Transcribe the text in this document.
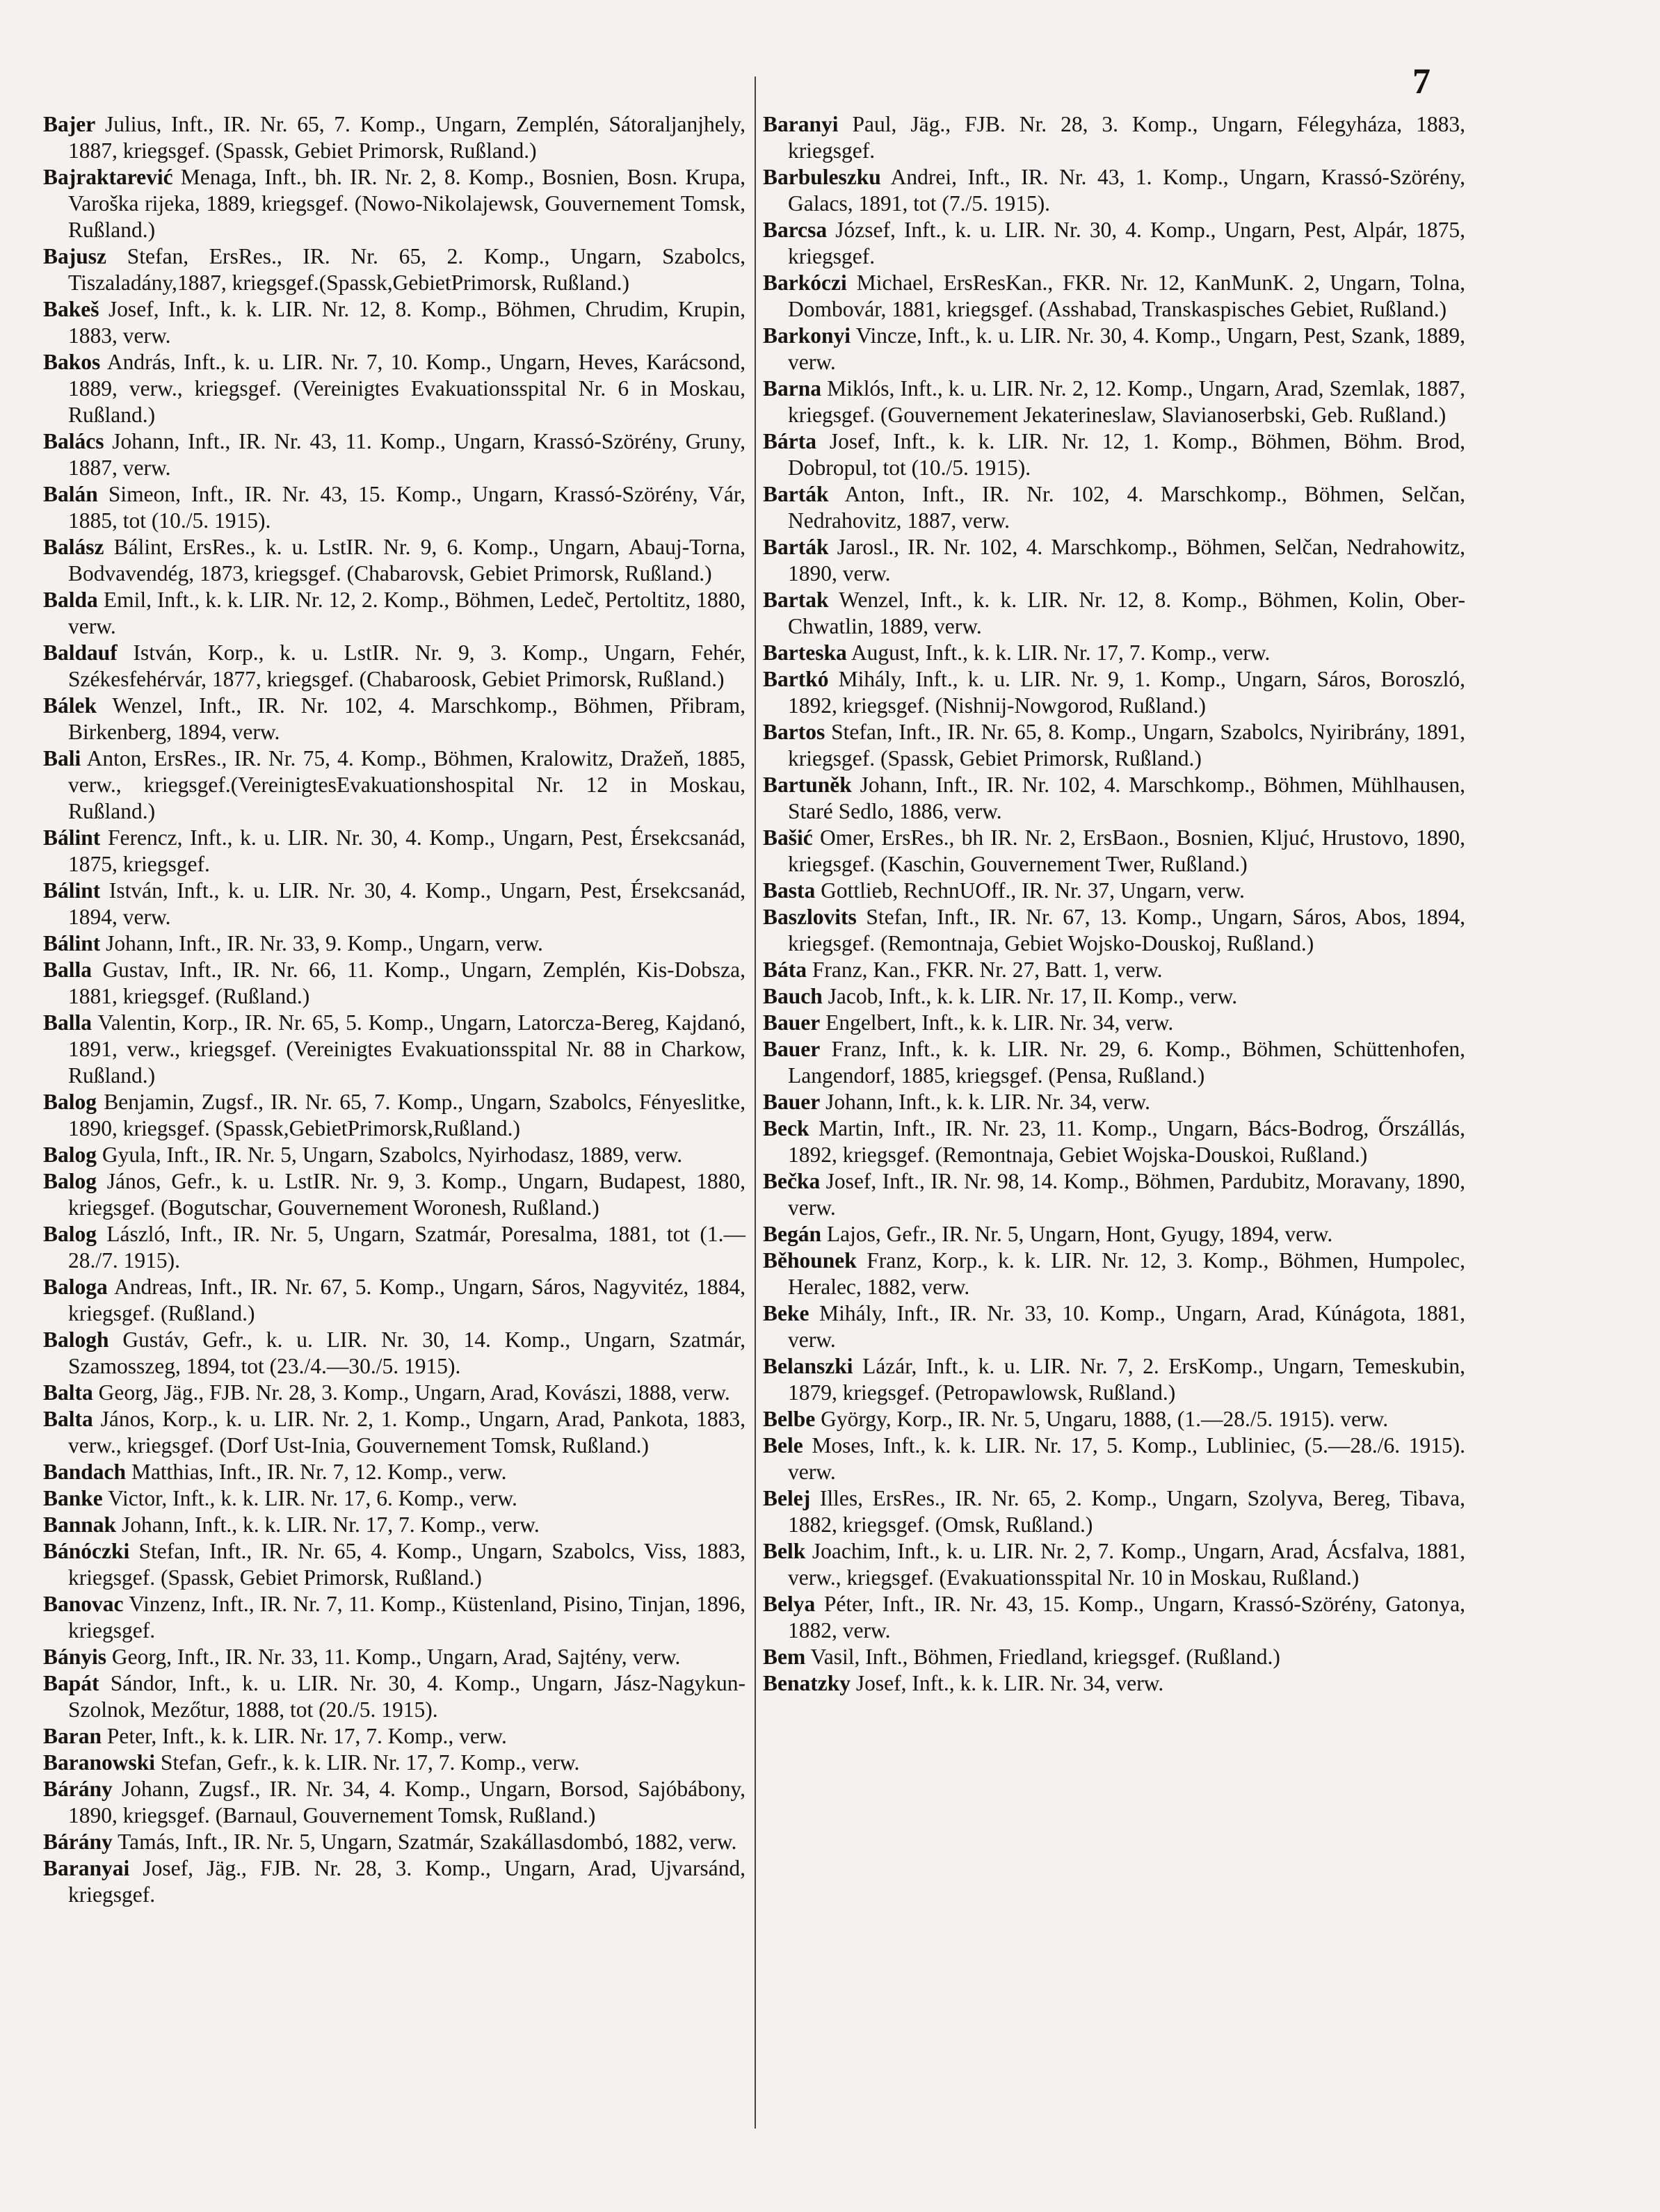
7

Bajer Julius, Inft., IR. Nr. 65, 7. Komp., Ungarn, Zemplén, Sátoraljanjhely, 1887, kriegsgef. (Spassk, Gebiet Primorsk, Rußland.)

Bajraktarević Menaga, Inft., bh. IR. Nr. 2, 8. Komp., Bosnien, Bosn. Krupa, Varoška rijeka, 1889, kriegsgef. (Nowo-Nikolajewsk, Gouvernement Tomsk, Rußland.)

Bajusz Stefan, ErsRes., IR. Nr. 65, 2. Komp., Ungarn, Szabolcs, Tiszaladány,1887, kriegsgef.(Spassk,GebietPrimorsk, Rußland.)

Bakeš Josef, Inft., k. k. LIR. Nr. 12, 8. Komp., Böhmen, Chrudim, Krupin, 1883, verw.

Bakos András, Inft., k. u. LIR. Nr. 7, 10. Komp., Ungarn, Heves, Karácsond, 1889, verw., kriegsgef. (Vereinigtes Evakuationsspital Nr. 6 in Moskau, Rußland.)

Balács Johann, Inft., IR. Nr. 43, 11. Komp., Ungarn, Krassó-Szörény, Gruny, 1887, verw.

Balán Simeon, Inft., IR. Nr. 43, 15. Komp., Ungarn, Krassó-Szörény, Vár, 1885, tot (10./5. 1915).

Balász Bálint, ErsRes., k. u. LstIR. Nr. 9, 6. Komp., Ungarn, Abauj-Torna, Bodvavendég, 1873, kriegsgef. (Chabarovsk, Gebiet Primorsk, Rußland.)

Balda Emil, Inft., k. k. LIR. Nr. 12, 2. Komp., Böhmen, Ledeč, Pertoltitz, 1880, verw.

Baldauf István, Korp., k. u. LstIR. Nr. 9, 3. Komp., Ungarn, Fehér, Székesfehérvár, 1877, kriegsgef. (Chabaroosk, Gebiet Primorsk, Rußland.)

Bálek Wenzel, Inft., IR. Nr. 102, 4. Marschkomp., Böhmen, Přibram, Birkenberg, 1894, verw.

Bali Anton, ErsRes., IR. Nr. 75, 4. Komp., Böhmen, Kralowitz, Dražeň, 1885, verw., kriegsgef.(VereinigtesEvakuationshospital Nr. 12 in Moskau, Rußland.)

Bálint Ferencz, Inft., k. u. LIR. Nr. 30, 4. Komp., Ungarn, Pest, Érsekcsanád, 1875, kriegsgef.

Bálint István, Inft., k. u. LIR. Nr. 30, 4. Komp., Ungarn, Pest, Érsekcsanád, 1894, verw.

Bálint Johann, Inft., IR. Nr. 33, 9. Komp., Ungarn, verw.

Balla Gustav, Inft., IR. Nr. 66, 11. Komp., Ungarn, Zemplén, Kis-Dobsza, 1881, kriegsgef. (Rußland.)

Balla Valentin, Korp., IR. Nr. 65, 5. Komp., Ungarn, Latorcza-Bereg, Kajdanó, 1891, verw., kriegsgef. (Vereinigtes Evakuationsspital Nr. 88 in Charkow, Rußland.)

Balog Benjamin, Zugsf., IR. Nr. 65, 7. Komp., Ungarn, Szabolcs, Fényeslitke, 1890, kriegsgef. (Spassk,GebietPrimorsk,Rußland.)

Balog Gyula, Inft., IR. Nr. 5, Ungarn, Szabolcs, Nyirhodasz, 1889, verw.

Balog János, Gefr., k. u. LstIR. Nr. 9, 3. Komp., Ungarn, Budapest, 1880, kriegsgef. (Bogutschar, Gouvernement Woronesh, Rußland.)

Balog László, Inft., IR. Nr. 5, Ungarn, Szatmár, Poresalma, 1881, tot (1.—28./7. 1915).

Baloga Andreas, Inft., IR. Nr. 67, 5. Komp., Ungarn, Sáros, Nagyvitéz, 1884, kriegsgef. (Rußland.)

Balogh Gustáv, Gefr., k. u. LIR. Nr. 30, 14. Komp., Ungarn, Szatmár, Szamosszeg, 1894, tot (23./4.—30./5. 1915).

Balta Georg, Jäg., FJB. Nr. 28, 3. Komp., Ungarn, Arad, Kovászi, 1888, verw.

Balta János, Korp., k. u. LIR. Nr. 2, 1. Komp., Ungarn, Arad, Pankota, 1883, verw., kriegsgef. (Dorf Ust-Inia, Gouvernement Tomsk, Rußland.)

Bandach Matthias, Inft., IR. Nr. 7, 12. Komp., verw.

Banke Victor, Inft., k. k. LIR. Nr. 17, 6. Komp., verw.

Bannak Johann, Inft., k. k. LIR. Nr. 17, 7. Komp., verw.

Bánóczki Stefan, Inft., IR. Nr. 65, 4. Komp., Ungarn, Szabolcs, Viss, 1883, kriegsgef. (Spassk, Gebiet Primorsk, Rußland.)

Banovac Vinzenz, Inft., IR. Nr. 7, 11. Komp., Küstenland, Pisino, Tinjan, 1896, kriegsgef.

Bányis Georg, Inft., IR. Nr. 33, 11. Komp., Ungarn, Arad, Sajtény, verw.

Bapát Sándor, Inft., k. u. LIR. Nr. 30, 4. Komp., Ungarn, Jász-Nagykun-Szolnok, Mezőtur, 1888, tot (20./5. 1915).

Baran Peter, Inft., k. k. LIR. Nr. 17, 7. Komp., verw.

Baranowski Stefan, Gefr., k. k. LIR. Nr. 17, 7. Komp., verw.

Bárány Johann, Zugsf., IR. Nr. 34, 4. Komp., Ungarn, Borsod, Sajóbábony, 1890, kriegsgef. (Barnaul, Gouvernement Tomsk, Rußland.)

Bárány Tamás, Inft., IR. Nr. 5, Ungarn, Szatmár, Szakállasdombó, 1882, verw.

Baranyai Josef, Jäg., FJB. Nr. 28, 3. Komp., Ungarn, Arad, Ujvarsánd, kriegsgef.

Baranyi Paul, Jäg., FJB. Nr. 28, 3. Komp., Ungarn, Félegyháza, 1883, kriegsgef.

Barbuleszku Andrei, Inft., IR. Nr. 43, 1. Komp., Ungarn, Krassó-Szörény, Galacs, 1891, tot (7./5. 1915).

Barcsa József, Inft., k. u. LIR. Nr. 30, 4. Komp., Ungarn, Pest, Alpár, 1875, kriegsgef.

Barkóczi Michael, ErsResKan., FKR. Nr. 12, KanMunK. 2, Ungarn, Tolna, Dombovár, 1881, kriegsgef. (Asshabad, Transkaspisches Gebiet, Rußland.)

Barkonyi Vincze, Inft., k. u. LIR. Nr. 30, 4. Komp., Ungarn, Pest, Szank, 1889, verw.

Barna Miklós, Inft., k. u. LIR. Nr. 2, 12. Komp., Ungarn, Arad, Szemlak, 1887, kriegsgef. (Gouvernement Jekaterineslaw, Slavianoserbski, Geb. Rußland.)

Bárta Josef, Inft., k. k. LIR. Nr. 12, 1. Komp., Böhmen, Böhm. Brod, Dobropul, tot (10./5. 1915).

Barták Anton, Inft., IR. Nr. 102, 4. Marschkomp., Böhmen, Selčan, Nedrahovitz, 1887, verw.

Barták Jarosl., IR. Nr. 102, 4. Marschkomp., Böhmen, Selčan, Nedrahowitz, 1890, verw.

Bartak Wenzel, Inft., k. k. LIR. Nr. 12, 8. Komp., Böhmen, Kolin, Ober-Chwatlin, 1889, verw.

Barteska August, Inft., k. k. LIR. Nr. 17, 7. Komp., verw.

Bartkó Mihály, Inft., k. u. LIR. Nr. 9, 1. Komp., Ungarn, Sáros, Boroszló, 1892, kriegsgef. (Nishnij-Nowgorod, Rußland.)

Bartos Stefan, Inft., IR. Nr. 65, 8. Komp., Ungarn, Szabolcs, Nyiribrány, 1891, kriegsgef. (Spassk, Gebiet Primorsk, Rußland.)

Bartuněk Johann, Inft., IR. Nr. 102, 4. Marschkomp., Böhmen, Mühlhausen, Staré Sedlo, 1886, verw.

Bašić Omer, ErsRes., bh IR. Nr. 2, ErsBaon., Bosnien, Kljuć, Hrustovo, 1890, kriegsgef. (Kaschin, Gouvernement Twer, Rußland.)

Basta Gottlieb, RechnUOff., IR. Nr. 37, Ungarn, verw.

Baszlovits Stefan, Inft., IR. Nr. 67, 13. Komp., Ungarn, Sáros, Abos, 1894, kriegsgef. (Remontnaja, Gebiet Wojsko-Douskoj, Rußland.)

Báta Franz, Kan., FKR. Nr. 27, Batt. 1, verw.

Bauch Jacob, Inft., k. k. LIR. Nr. 17, II. Komp., verw.

Bauer Engelbert, Inft., k. k. LIR. Nr. 34, verw.

Bauer Franz, Inft., k. k. LIR. Nr. 29, 6. Komp., Böhmen, Schüttenhofen, Langendorf, 1885, kriegsgef. (Pensa, Rußland.)

Bauer Johann, Inft., k. k. LIR. Nr. 34, verw.

Beck Martin, Inft., IR. Nr. 23, 11. Komp., Ungarn, Bács-Bodrog, Őrszállás, 1892, kriegsgef. (Remontnaja, Gebiet Wojska-Douskoi, Rußland.)

Bečka Josef, Inft., IR. Nr. 98, 14. Komp., Böhmen, Pardubitz, Moravany, 1890, verw.

Begán Lajos, Gefr., IR. Nr. 5, Ungarn, Hont, Gyugy, 1894, verw.

Běhounek Franz, Korp., k. k. LIR. Nr. 12, 3. Komp., Böhmen, Humpolec, Heralec, 1882, verw.

Beke Mihály, Inft., IR. Nr. 33, 10. Komp., Ungarn, Arad, Kúnágota, 1881, verw.

Belanszki Lázár, Inft., k. u. LIR. Nr. 7, 2. ErsKomp., Ungarn, Temeskubin, 1879, kriegsgef. (Petropawlowsk, Rußland.)

Belbe György, Korp., IR. Nr. 5, Ungaru, 1888, (1.—28./5. 1915). verw.

Bele Moses, Inft., k. k. LIR. Nr. 17, 5. Komp., Lubliniec, (5.—28./6. 1915). verw.

Belej Illes, ErsRes., IR. Nr. 65, 2. Komp., Ungarn, Szolyva, Bereg, Tibava, 1882, kriegsgef. (Omsk, Rußland.)

Belk Joachim, Inft., k. u. LIR. Nr. 2, 7. Komp., Ungarn, Arad, Ácsfalva, 1881, verw., kriegsgef. (Evakuationsspital Nr. 10 in Moskau, Rußland.)

Belya Péter, Inft., IR. Nr. 43, 15. Komp., Ungarn, Krassó-Szörény, Gatonya, 1882, verw.

Bem Vasil, Inft., Böhmen, Friedland, kriegsgef. (Rußland.)

Benatzky Josef, Inft., k. k. LIR. Nr. 34, verw.
